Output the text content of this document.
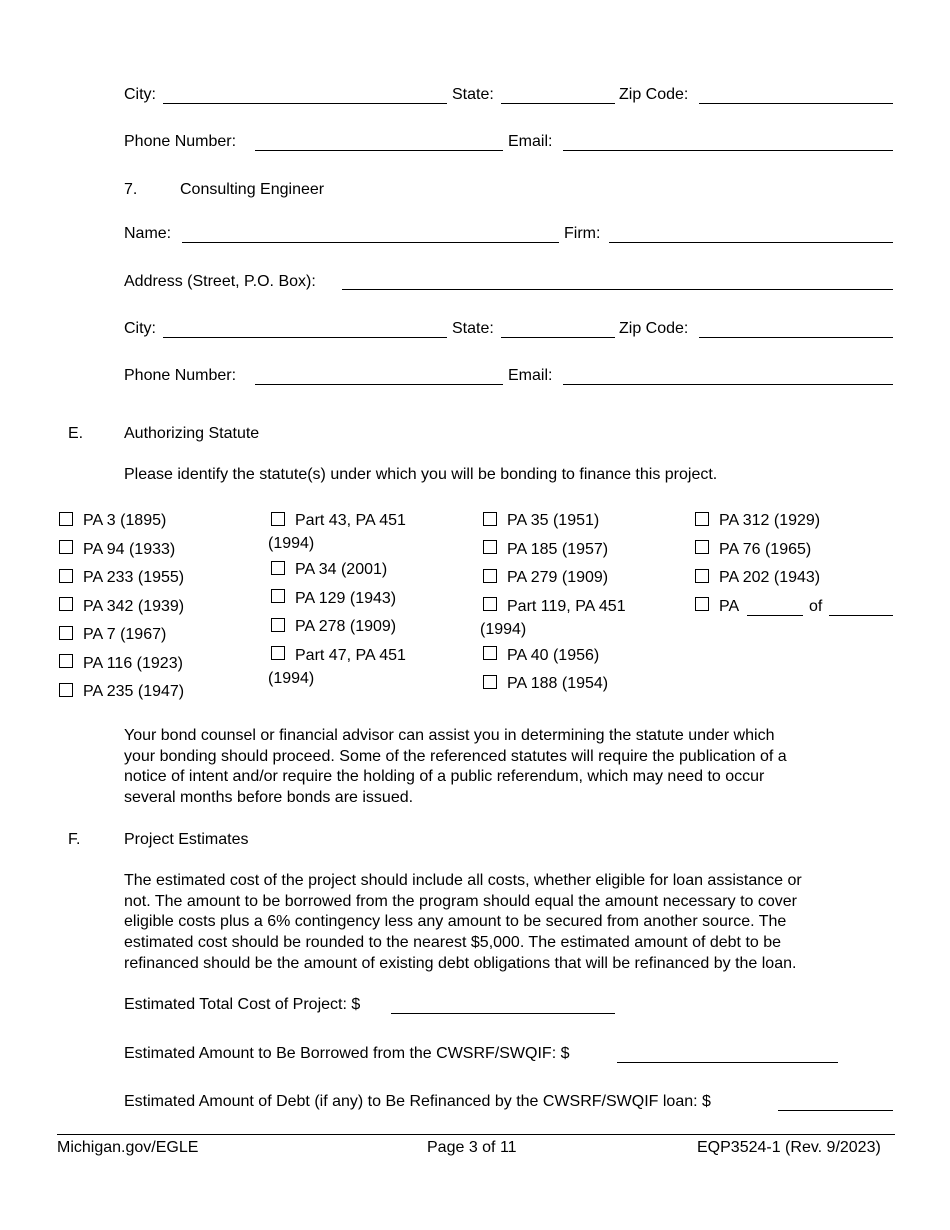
City:	State:	Zip Code:
Phone Number:	Email:
7.	Consulting Engineer
Name:	Firm:
Address (Street, P.O. Box):
City:	State:	Zip Code:
Phone Number:	Email:
E.	Authorizing Statute
Please identify the statute(s) under which you will be bonding to finance this project.
PA 3 (1895)
PA 94 (1933)
PA 233 (1955)
PA 342 (1939)
PA 7 (1967)
PA 116 (1923)
PA 235 (1947)
Part 43, PA 451
(1994)
PA 34 (2001)
PA 129 (1943)
PA 278 (1909)
Part 47, PA 451
(1994)
PA 35 (1951)
PA 185 (1957)
PA 279 (1909)
Part 119, PA 451
(1994)
PA 40 (1956)
PA 188 (1954)
PA 312 (1929)
PA 76 (1965)
PA 202 (1943)
PA	of
Your bond counsel or financial advisor can assist you in determining the statute under which
your bonding should proceed. Some of the referenced statutes will require the publication of a
notice of intent and/or require the holding of a public referendum, which may need to occur
several months before bonds are issued.
F.	Project Estimates
The estimated cost of the project should include all costs, whether eligible for loan assistance or
not. The amount to be borrowed from the program should equal the amount necessary to cover
eligible costs plus a 6% contingency less any amount to be secured from another source. The
estimated cost should be rounded to the nearest $5,000. The estimated amount of debt to be
refinanced should be the amount of existing debt obligations that will be refinanced by the loan.
Estimated Total Cost of Project: $
Estimated Amount to Be Borrowed from the CWSRF/SWQIF: $
Estimated Amount of Debt (if any) to Be Refinanced by the CWSRF/SWQIF loan: $
Michigan.gov/EGLE	Page 3 of 11	EQP3524-1 (Rev. 9/2023)
